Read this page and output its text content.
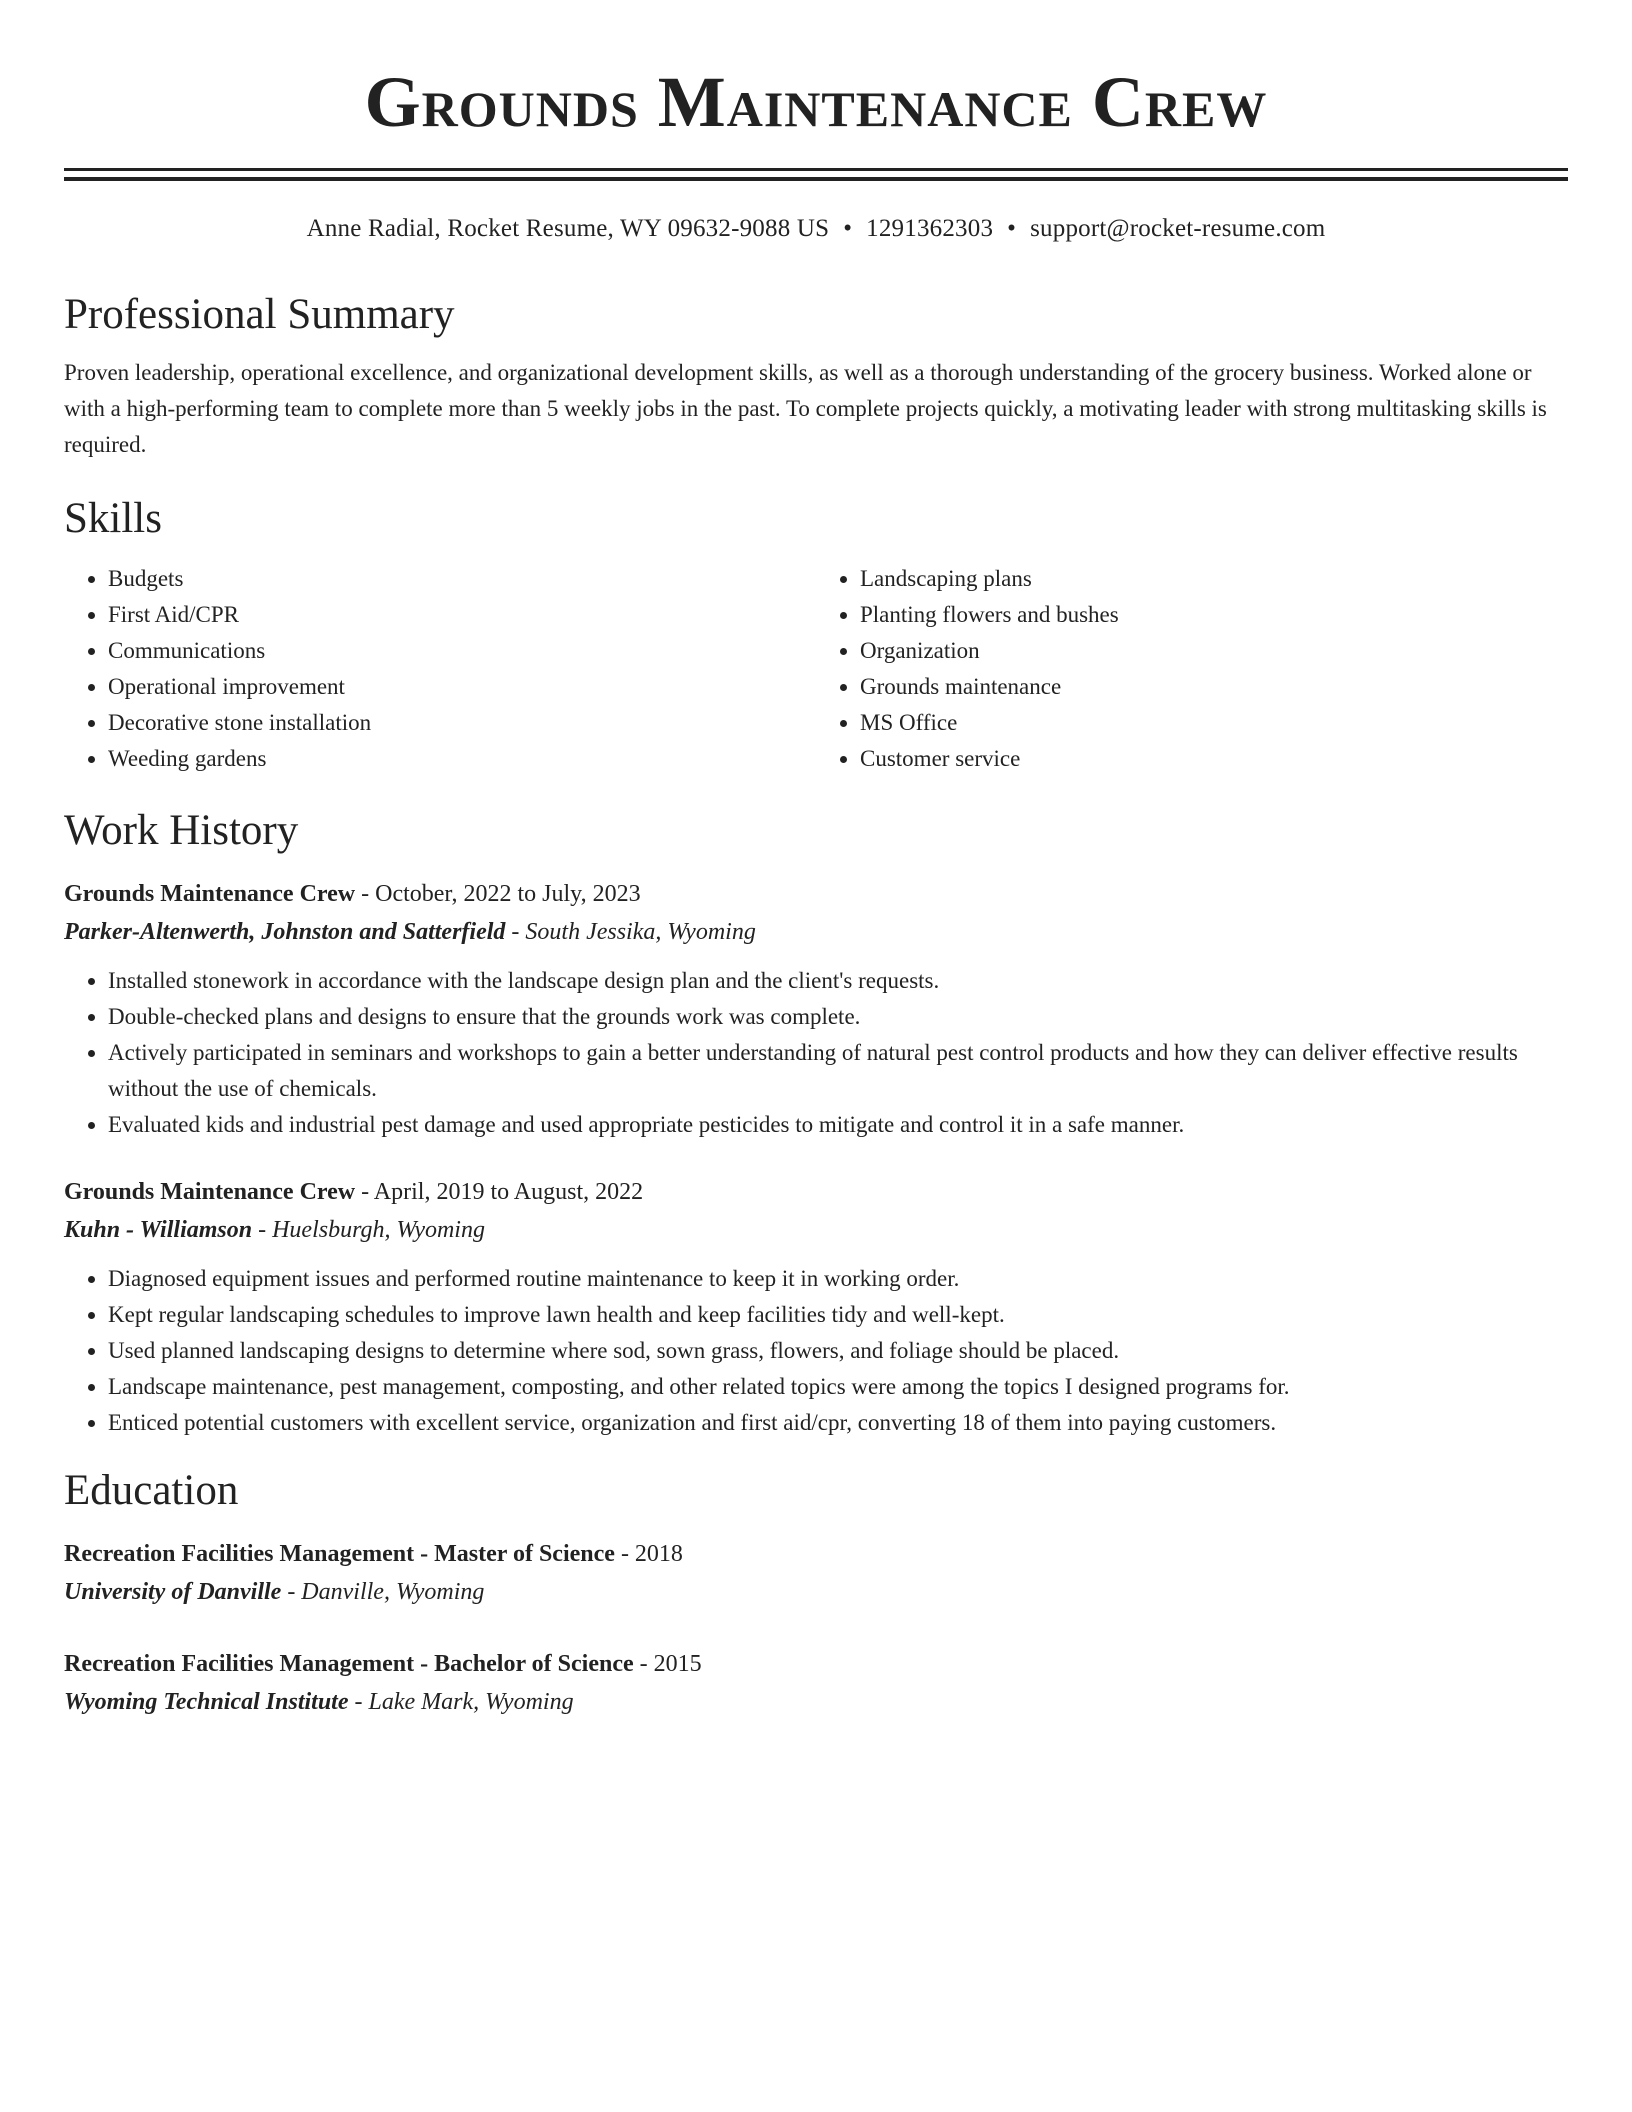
Grounds Maintenance Crew
Anne Radial, Rocket Resume, WY 09632-9088 US • 1291362303 • support@rocket-resume.com
Professional Summary
Proven leadership, operational excellence, and organizational development skills, as well as a thorough understanding of the grocery business. Worked alone or with a high-performing team to complete more than 5 weekly jobs in the past. To complete projects quickly, a motivating leader with strong multitasking skills is required.
Skills
• Budgets
• First Aid/CPR
• Communications
• Operational improvement
• Decorative stone installation
• Weeding gardens
• Landscaping plans
• Planting flowers and bushes
• Organization
• Grounds maintenance
• MS Office
• Customer service
Work History
Grounds Maintenance Crew - October, 2022 to July, 2023
Parker-Altenwerth, Johnston and Satterfield - South Jessika, Wyoming
• Installed stonework in accordance with the landscape design plan and the client's requests.
• Double-checked plans and designs to ensure that the grounds work was complete.
• Actively participated in seminars and workshops to gain a better understanding of natural pest control products and how they can deliver effective results without the use of chemicals.
• Evaluated kids and industrial pest damage and used appropriate pesticides to mitigate and control it in a safe manner.
Grounds Maintenance Crew - April, 2019 to August, 2022
Kuhn - Williamson - Huelsburgh, Wyoming
• Diagnosed equipment issues and performed routine maintenance to keep it in working order.
• Kept regular landscaping schedules to improve lawn health and keep facilities tidy and well-kept.
• Used planned landscaping designs to determine where sod, sown grass, flowers, and foliage should be placed.
• Landscape maintenance, pest management, composting, and other related topics were among the topics I designed programs for.
• Enticed potential customers with excellent service, organization and first aid/cpr, converting 18 of them into paying customers.
Education
Recreation Facilities Management - Master of Science - 2018
University of Danville - Danville, Wyoming
Recreation Facilities Management - Bachelor of Science - 2015
Wyoming Technical Institute - Lake Mark, Wyoming
